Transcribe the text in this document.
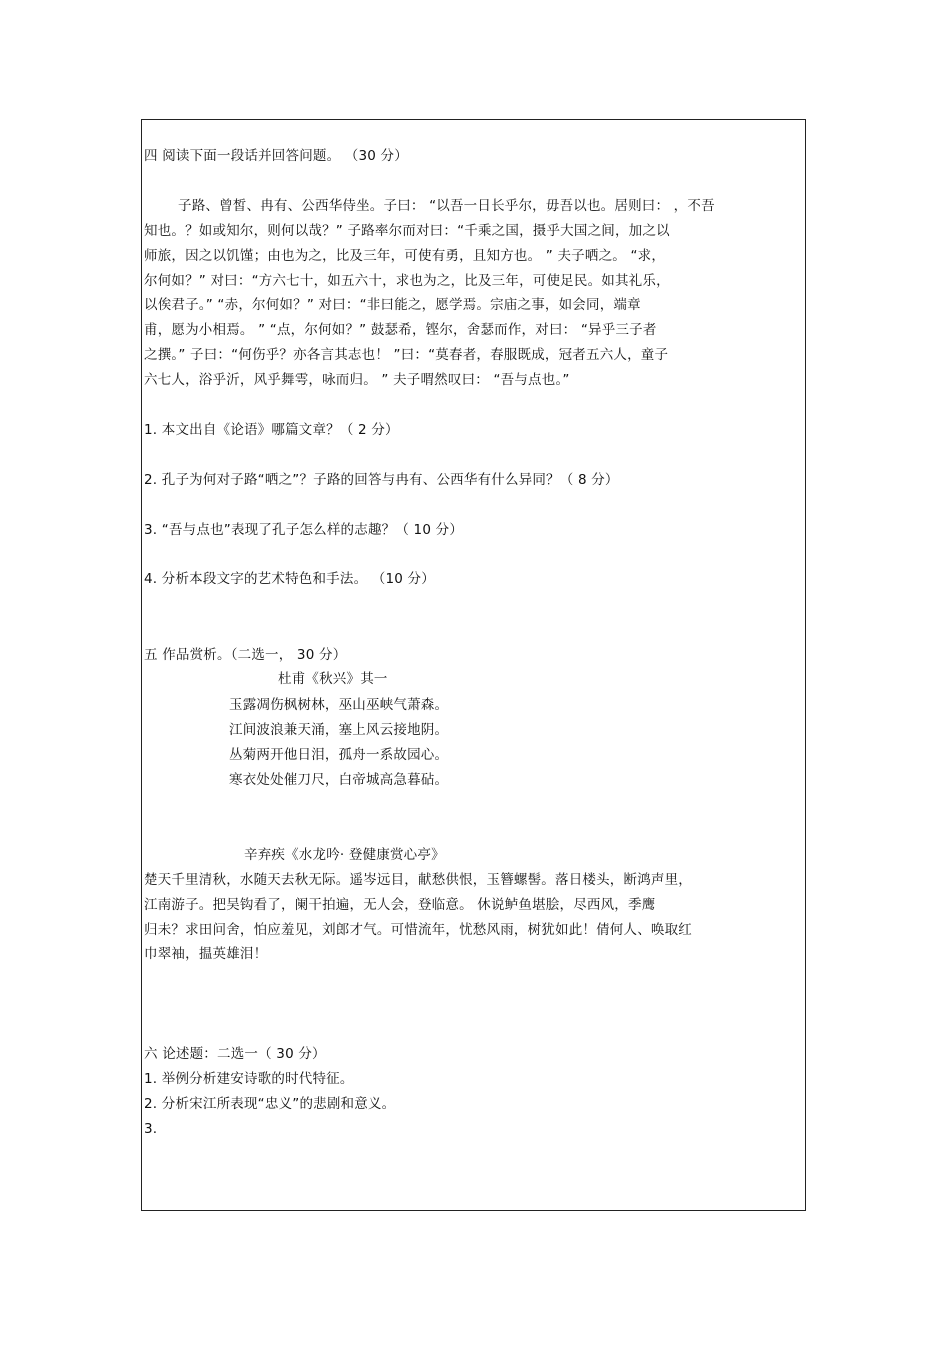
四 阅读下面一段话并回答问题。 （30 分）
子路、曾皙、冉有、公西华侍坐。子曰： “以吾一日长乎尔，毋吾以也。居则曰： ，不吾
知也。？如或知尔，则何以哉？” 子路率尔而对曰：“千乘之国，摄乎大国之间，加之以
师旅，因之以饥馑；由也为之，比及三年，可使有勇，且知方也。 ” 夫子哂之。 “求，
尔何如？” 对曰：“方六七十，如五六十，求也为之，比及三年，可使足民。如其礼乐，
以俟君子。” “赤，尔何如？” 对曰：“非曰能之，愿学焉。宗庙之事，如会同，端章
甫，愿为小相焉。 ” “点，尔何如？” 鼓瑟希，铿尔，舍瑟而作，对曰： “异乎三子者
之撰。” 子曰：“何伤乎？亦各言其志也！ ”曰：“莫春者，春服既成，冠者五六人，童子
六七人，浴乎沂，风乎舞雩，咏而归。 ” 夫子喟然叹曰： “吾与点也。”
1. 本文出自《论语》哪篇文章？（ 2 分）
2. 孔子为何对子路“哂之”？子路的回答与冉有、公西华有什么异同？（ 8 分）
3. “吾与点也”表现了孔子怎么样的志趣？（ 10 分）
4. 分析本段文字的艺术特色和手法。 （10 分）
五 作品赏析。（二选一， 30 分）
杜甫《秋兴》其一
玉露凋伤枫树林，巫山巫峡气萧森。
江间波浪兼天涌，塞上风云接地阴。
丛菊两开他日泪，孤舟一系故园心。
寒衣处处催刀尺，白帝城高急暮砧。
辛弃疾《水龙吟· 登健康赏心亭》
楚天千里清秋，水随天去秋无际。遥岑远目，献愁供恨，玉簪螺髻。落日楼头，断鸿声里，
江南游子。把吴钩看了，阑干拍遍，无人会，登临意。 休说鲈鱼堪脍，尽西风，季鹰
归未？求田问舍，怕应羞见，刘郎才气。可惜流年，忧愁风雨，树犹如此！倩何人、唤取红
巾翠袖，揾英雄泪！
六 论述题：二选一（ 30 分）
1. 举例分析建安诗歌的时代特征。
2. 分析宋江所表现“忠义”的悲剧和意义。
3.
